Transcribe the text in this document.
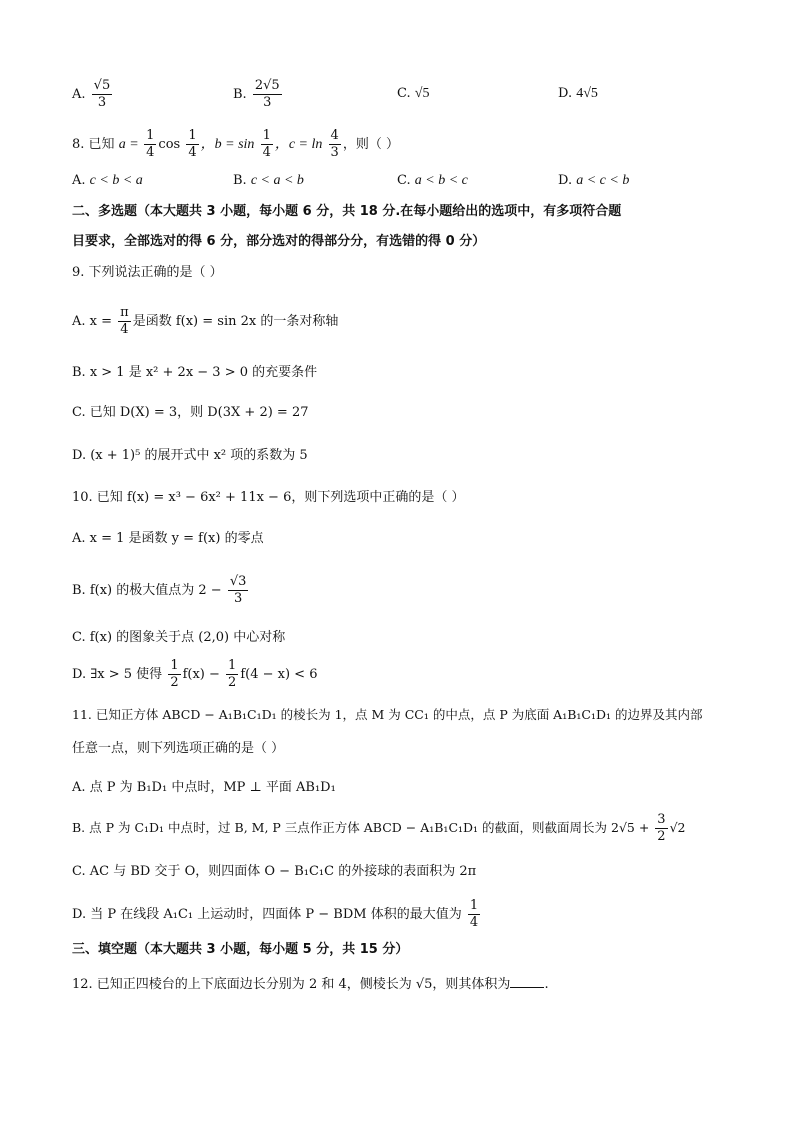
A. $\frac{√5}{3}$	B. $\frac{2√5}{3}$	C. √5	D. 4√5
8. 已知 $a = \frac{1}{4}$ $\cos \frac{1}{4}$ ，$b = \sin \frac{1}{4}$ ，$c = \ln \frac{4}{3}$ ，则（ ）
A. c < b < a	B. c < a < b	C. a < b < c	D. a < c < b
二、多选题（本大题共 3 小题，每小题 6 分，共 18 分.在每小题给出的选项中，有多项符合题
目要求，全部选对的得 6 分，部分选对的得部分分，有选错的得 0 分）
9. 下列说法正确的是（ ）
A. $x = \frac{\pi}{4}$ 是函数 f(x) = sin 2x 的一条对称轴
B. x > 1 是 x² + 2x − 3 > 0 的充要条件
C. 已知 D(X) = 3，则 D(3X + 2) = 27
D. (x + 1)⁵ 的展开式中 x² 项的系数为 5
10. 已知 f(x) = x³ − 6x² + 11x − 6，则下列选项中正确的是（ ）
A. x = 1 是函数 y = f(x) 的零点
B. f(x) 的极大值点为 $2 - \frac{√3}{3}$
C. f(x) 的图象关于点 (2,0) 中心对称
D. ∃x > 5 使得 $\frac{1}{2} f(x) - \frac{1}{2} f(4 - x) < 6$
11. 已知正方体 ABCD − A₁B₁C₁D₁ 的棱长为 1，点 M 为 CC₁ 的中点，点 P 为底面 A₁B₁C₁D₁ 的边界及其内部
任意一点，则下列选项正确的是（ ）
A. 点 P 为 B₁D₁ 中点时，MP ⊥ 平面 AB₁D₁
B. 点 P 为 C₁D₁ 中点时，过 B, M, P 三点作正方体 ABCD − A₁B₁C₁D₁ 的截面，则截面周长为 $2√5 + \frac{3}{2} √2$
C. AC 与 BD 交于 O，则四面体 O − B₁C₁C 的外接球的表面积为 2π
D. 当 P 在线段 A₁C₁ 上运动时，四面体 P − BDM 体积的最大值为 $\frac{1}{4}$
三、填空题（本大题共 3 小题，每小题 5 分，共 15 分）
12. 已知正四棱台的上下底面边长分别为 2 和 4，侧棱长为 √5，则其体积为	.
